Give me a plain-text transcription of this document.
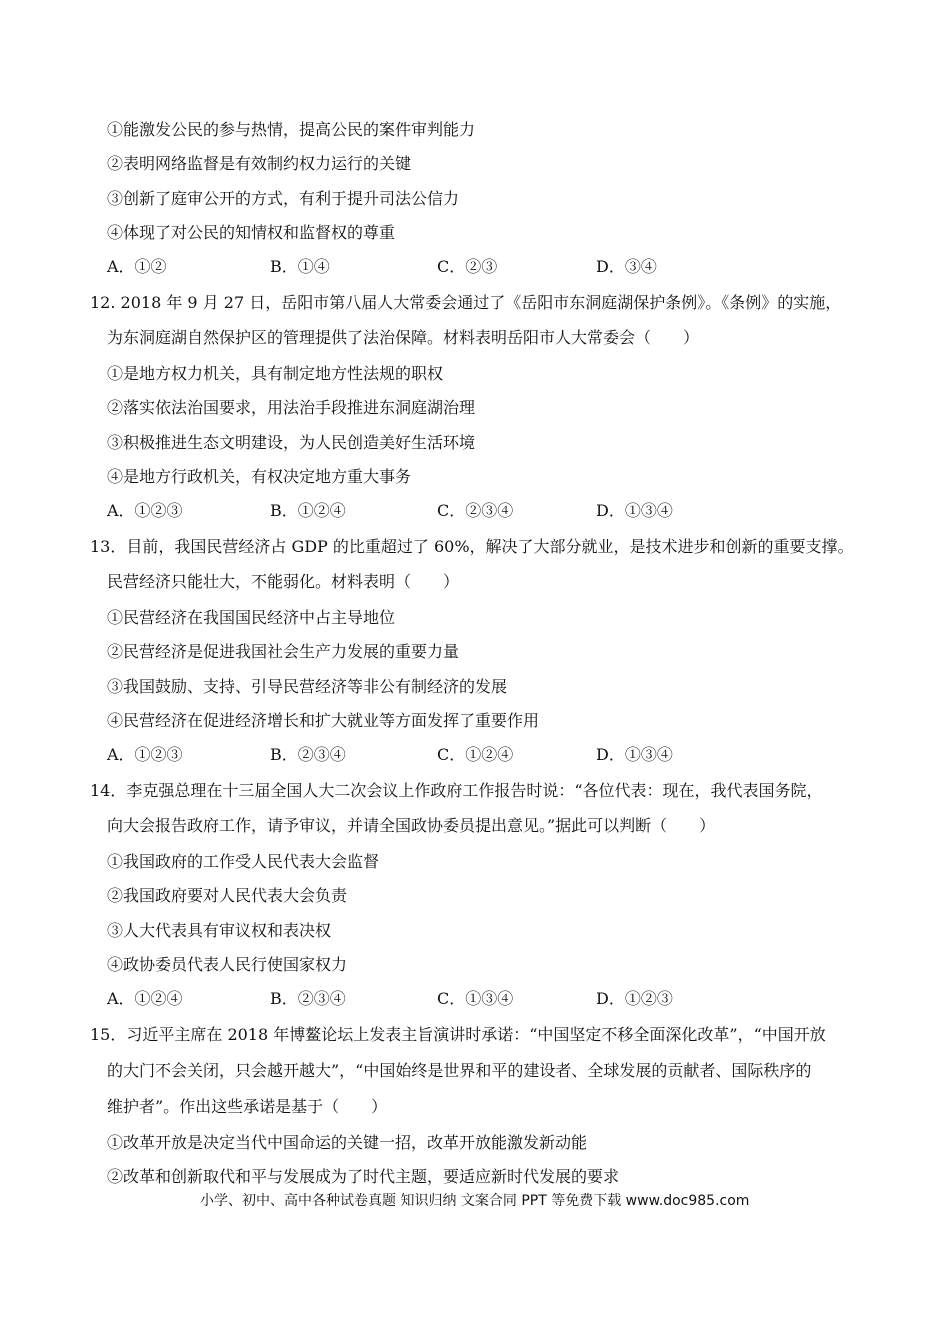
①能激发公民的参与热情，提高公民的案件审判能力
②表明网络监督是有效制约权力运行的关键
③创新了庭审公开的方式，有利于提升司法公信力
④体现了对公民的知情权和监督权的尊重
A．①②	B．①④	C．②③	D．③④
12. 2018 年 9 月 27 日，岳阳市第八届人大常委会通过了《岳阳市东洞庭湖保护条例》。《条例》的实施，
为东洞庭湖自然保护区的管理提供了法治保障。材料表明岳阳市人大常委会（　　）
①是地方权力机关，具有制定地方性法规的职权
②落实依法治国要求，用法治手段推进东洞庭湖治理
③积极推进生态文明建设，为人民创造美好生活环境
④是地方行政机关，有权决定地方重大事务
A．①②③	B．①②④	C．②③④	D．①③④
13．目前，我国民营经济占 GDP 的比重超过了 60%，解决了大部分就业，是技术进步和创新的重要支撑。
民营经济只能壮大，不能弱化。材料表明（　　）
①民营经济在我国国民经济中占主导地位
②民营经济是促进我国社会生产力发展的重要力量
③我国鼓励、支持、引导民营经济等非公有制经济的发展
④民营经济在促进经济增长和扩大就业等方面发挥了重要作用
A．①②③	B．②③④	C．①②④	D．①③④
14．李克强总理在十三届全国人大二次会议上作政府工作报告时说：“各位代表：现在，我代表国务院，
向大会报告政府工作，请予审议，并请全国政协委员提出意见。”据此可以判断（　　）
①我国政府的工作受人民代表大会监督
②我国政府要对人民代表大会负责
③人大代表具有审议权和表决权
④政协委员代表人民行使国家权力
A．①②④	B．②③④	C．①③④	D．①②③
15．习近平主席在 2018 年博鳌论坛上发表主旨演讲时承诺：“中国坚定不移全面深化改革”，“中国开放
的大门不会关闭，只会越开越大”，“中国始终是世界和平的建设者、全球发展的贡献者、国际秩序的
维护者”。作出这些承诺是基于（　　）
①改革开放是决定当代中国命运的关键一招，改革开放能激发新动能
②改革和创新取代和平与发展成为了时代主题，要适应新时代发展的要求
小学、初中、高中各种试卷真题 知识归纳 文案合同 PPT 等免费下载 www.doc985.com
